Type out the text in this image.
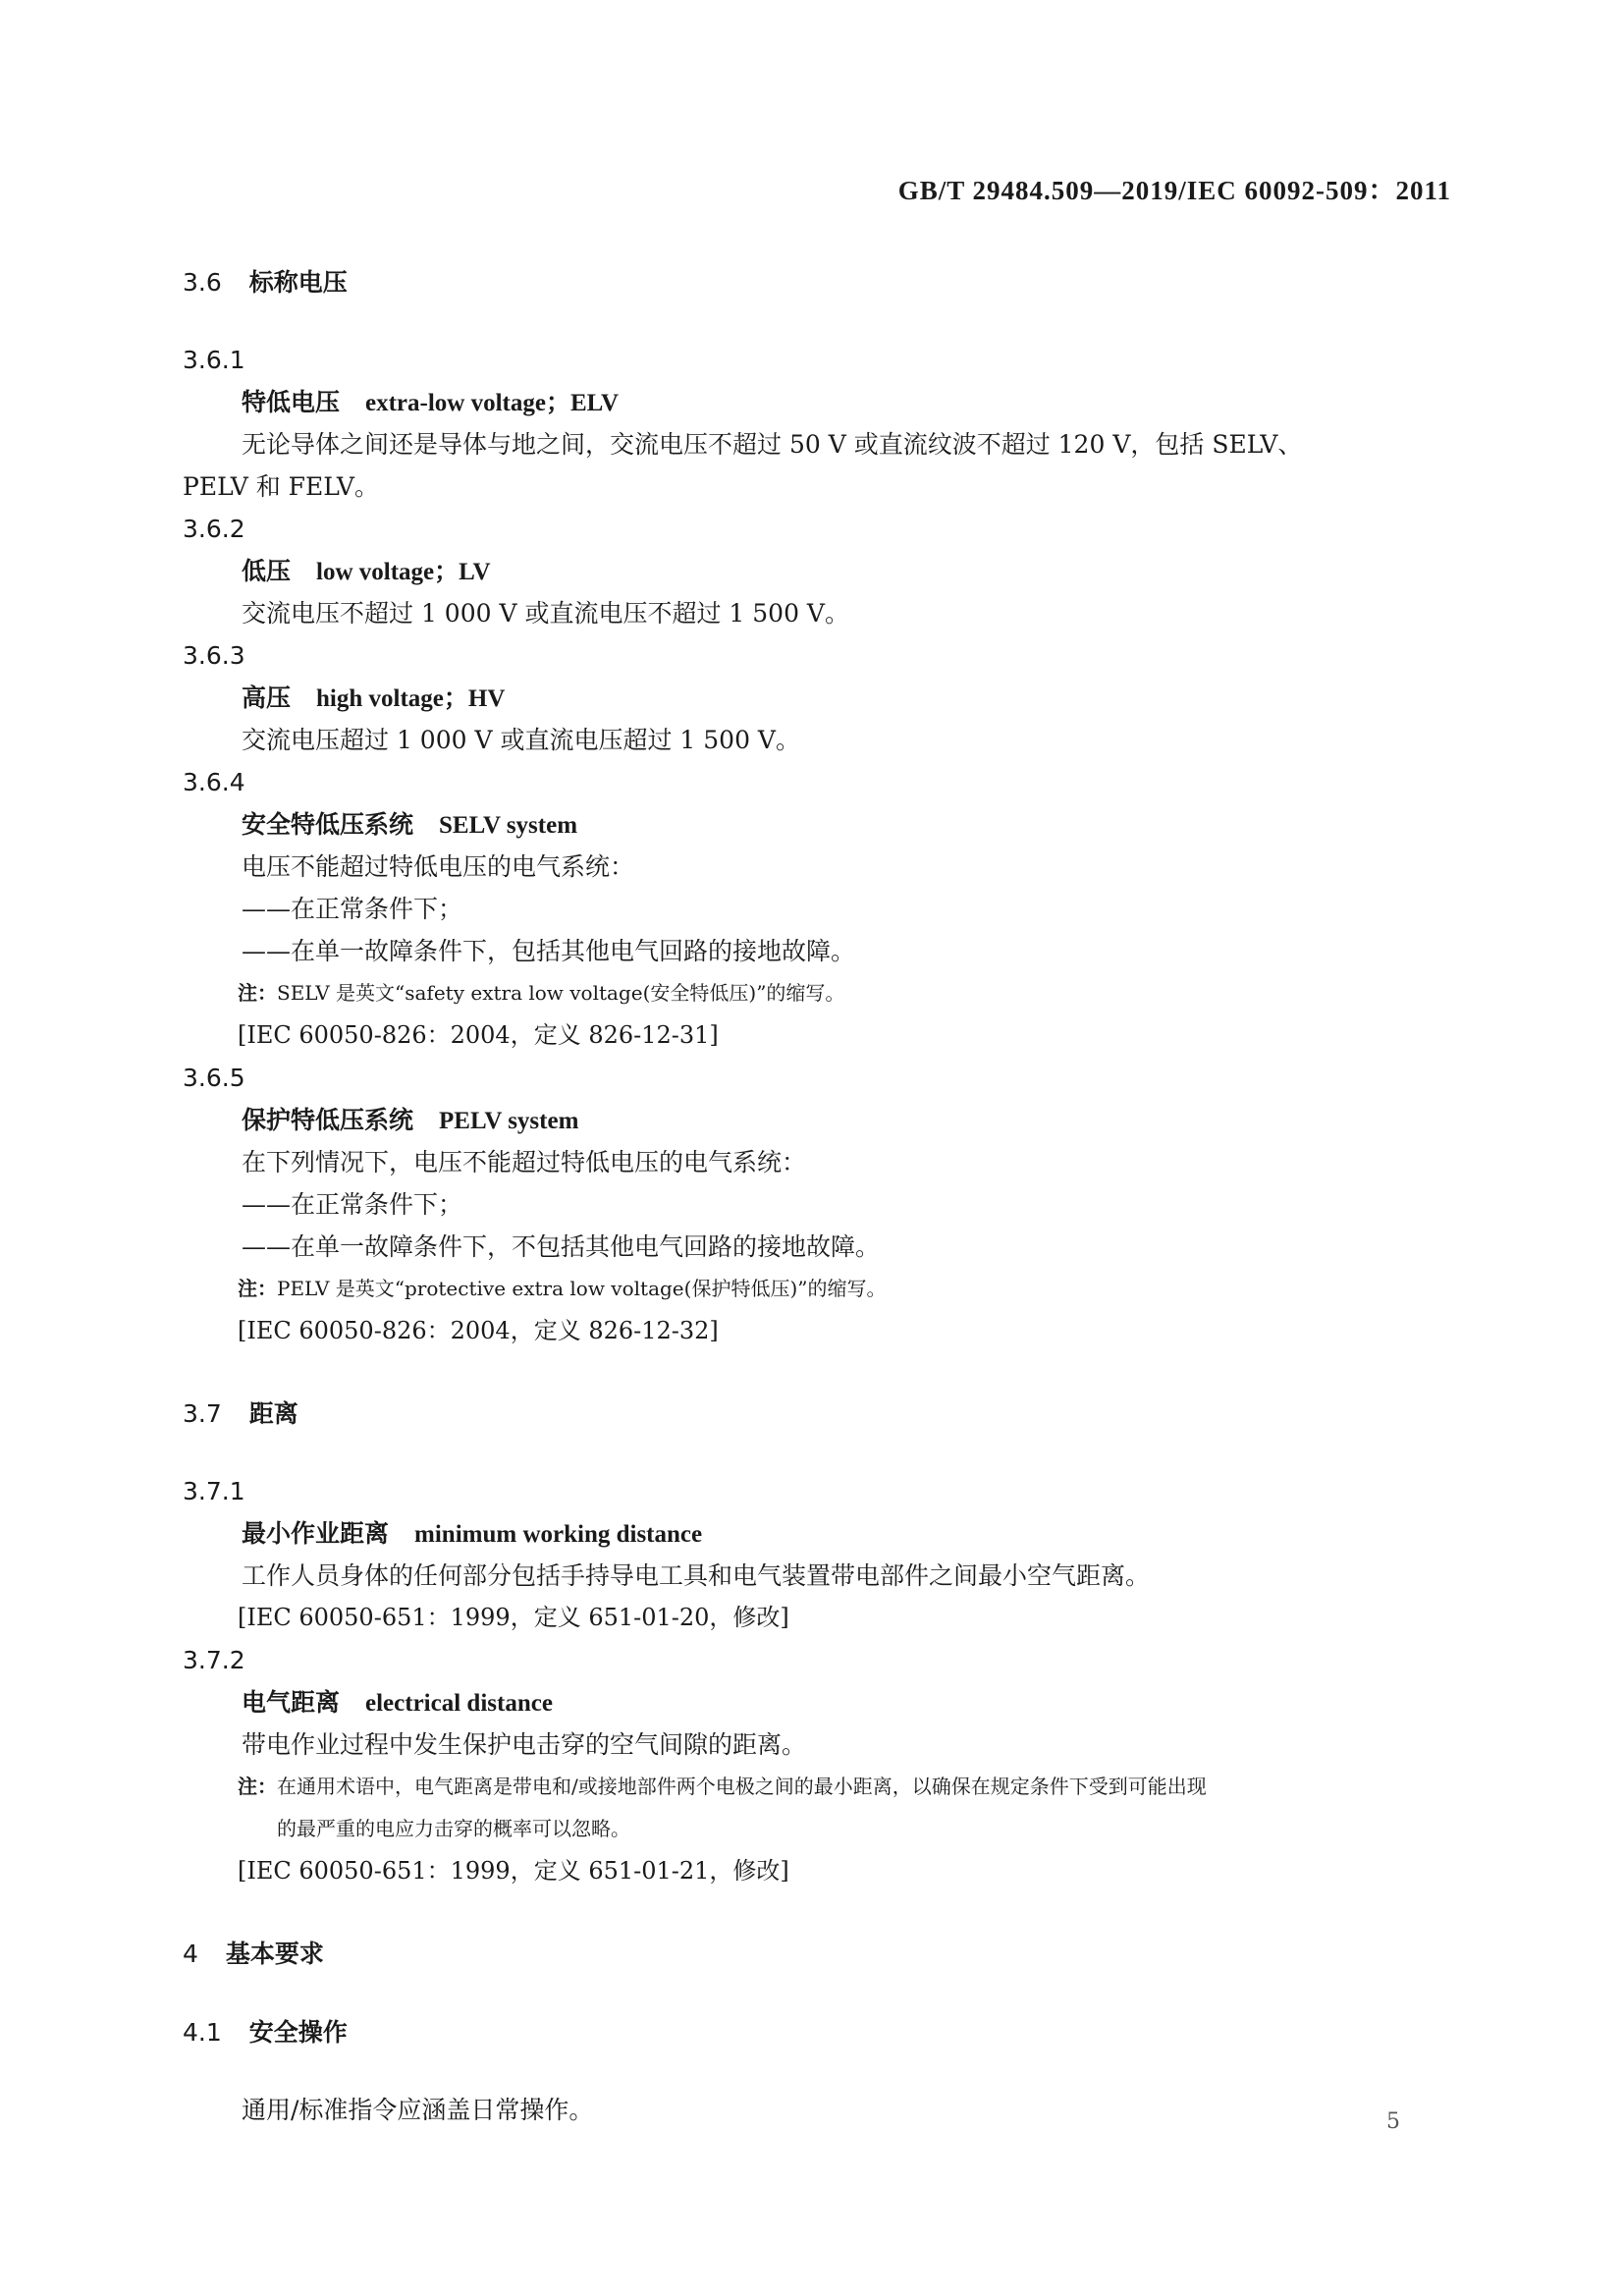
GB/T 29484.509—2019/IEC 60092-509：2011
3.6 标称电压
3.6.1
特低电压 extra-low voltage；ELV
无论导体之间还是导体与地之间，交流电压不超过 50 V 或直流纹波不超过 120 V，包括 SELV、
PELV 和 FELV。
3.6.2
低压 low voltage；LV
交流电压不超过 1 000 V 或直流电压不超过 1 500 V。
3.6.3
高压 high voltage；HV
交流电压超过 1 000 V 或直流电压超过 1 500 V。
3.6.4
安全特低压系统 SELV system
电压不能超过特低电压的电气系统：
——在正常条件下；
——在单一故障条件下，包括其他电气回路的接地故障。
注：SELV 是英文“safety extra low voltage(安全特低压)”的缩写。
[IEC 60050-826：2004，定义 826-12-31]
3.6.5
保护特低压系统 PELV system
在下列情况下，电压不能超过特低电压的电气系统：
——在正常条件下；
——在单一故障条件下，不包括其他电气回路的接地故障。
注：PELV 是英文“protective extra low voltage(保护特低压)”的缩写。
[IEC 60050-826：2004，定义 826-12-32]
3.7 距离
3.7.1
最小作业距离 minimum working distance
工作人员身体的任何部分包括手持导电工具和电气装置带电部件之间最小空气距离。
[IEC 60050-651：1999，定义 651-01-20，修改]
3.7.2
电气距离 electrical distance
带电作业过程中发生保护电击穿的空气间隙的距离。
注：在通用术语中，电气距离是带电和/或接地部件两个电极之间的最小距离，以确保在规定条件下受到可能出现
的最严重的电应力击穿的概率可以忽略。
[IEC 60050-651：1999，定义 651-01-21，修改]
4 基本要求
4.1 安全操作
通用/标准指令应涵盖日常操作。	5
